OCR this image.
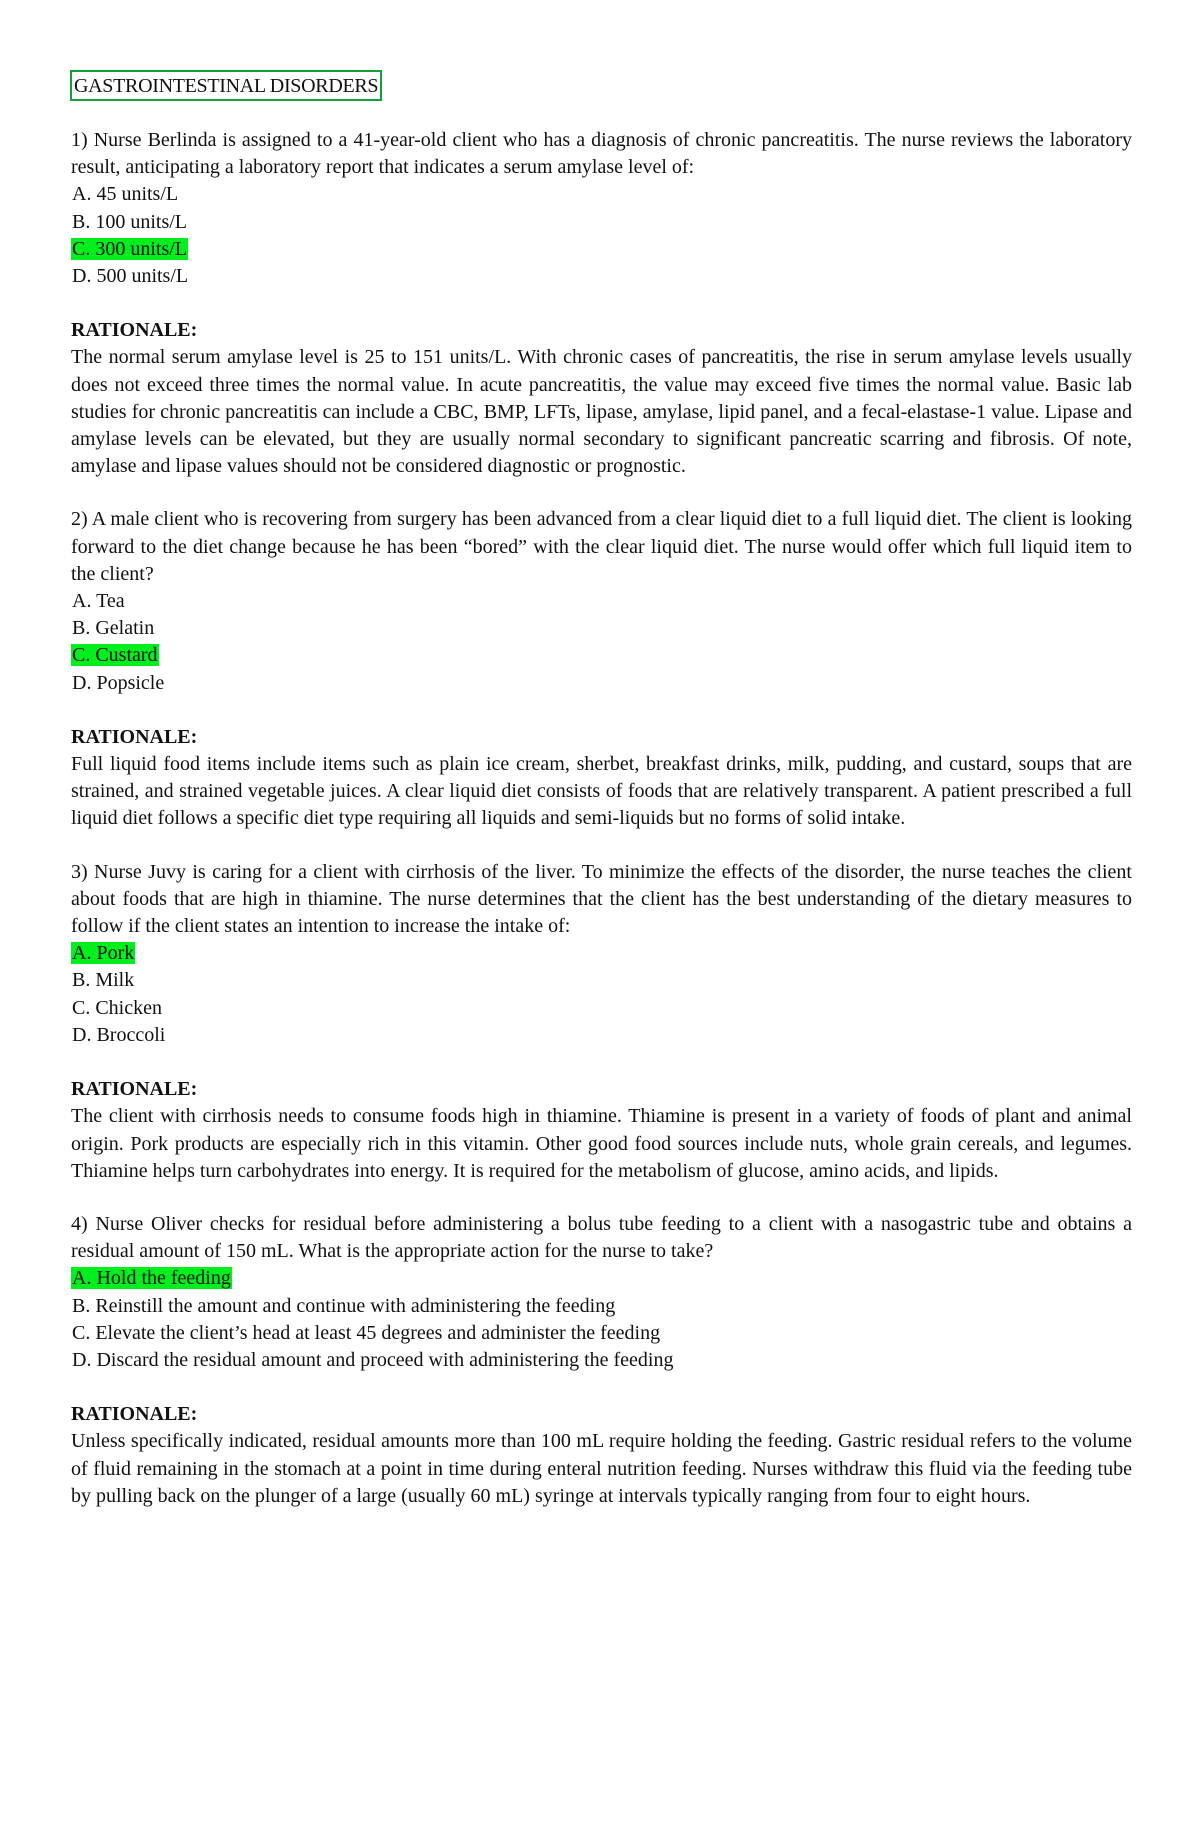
GASTROINTESTINAL DISORDERS

1) Nurse Berlinda is assigned to a 41-year-old client who has a diagnosis of chronic pancreatitis. The nurse reviews the laboratory result, anticipating a laboratory report that indicates a serum amylase level of:

A. 45 units/L
B. 100 units/L
C. 300 units/L
D. 500 units/L

RATIONALE:

The normal serum amylase level is 25 to 151 units/L. With chronic cases of pancreatitis, the rise in serum amylase levels usually does not exceed three times the normal value. In acute pancreatitis, the value may exceed five times the normal value. Basic lab studies for chronic pancreatitis can include a CBC, BMP, LFTs, lipase, amylase, lipid panel, and a fecal-elastase-1 value. Lipase and amylase levels can be elevated, but they are usually normal secondary to significant pancreatic scarring and fibrosis. Of note, amylase and lipase values should not be considered diagnostic or prognostic.

2) A male client who is recovering from surgery has been advanced from a clear liquid diet to a full liquid diet. The client is looking forward to the diet change because he has been “bored” with the clear liquid diet. The nurse would offer which full liquid item to the client?

A. Tea
B. Gelatin
C. Custard
D. Popsicle

RATIONALE:

Full liquid food items include items such as plain ice cream, sherbet, breakfast drinks, milk, pudding, and custard, soups that are strained, and strained vegetable juices. A clear liquid diet consists of foods that are relatively transparent. A patient prescribed a full liquid diet follows a specific diet type requiring all liquids and semi-liquids but no forms of solid intake.

3) Nurse Juvy is caring for a client with cirrhosis of the liver. To minimize the effects of the disorder, the nurse teaches the client about foods that are high in thiamine. The nurse determines that the client has the best understanding of the dietary measures to follow if the client states an intention to increase the intake of:

A. Pork
B. Milk
C. Chicken
D. Broccoli

RATIONALE:

The client with cirrhosis needs to consume foods high in thiamine. Thiamine is present in a variety of foods of plant and animal origin. Pork products are especially rich in this vitamin. Other good food sources include nuts, whole grain cereals, and legumes. Thiamine helps turn carbohydrates into energy. It is required for the metabolism of glucose, amino acids, and lipids.

4) Nurse Oliver checks for residual before administering a bolus tube feeding to a client with a nasogastric tube and obtains a residual amount of 150 mL. What is the appropriate action for the nurse to take?

A. Hold the feeding
B. Reinstill the amount and continue with administering the feeding
C. Elevate the client’s head at least 45 degrees and administer the feeding
D. Discard the residual amount and proceed with administering the feeding

RATIONALE:

Unless specifically indicated, residual amounts more than 100 mL require holding the feeding. Gastric residual refers to the volume of fluid remaining in the stomach at a point in time during enteral nutrition feeding. Nurses withdraw this fluid via the feeding tube by pulling back on the plunger of a large (usually 60 mL) syringe at intervals typically ranging from four to eight hours.
